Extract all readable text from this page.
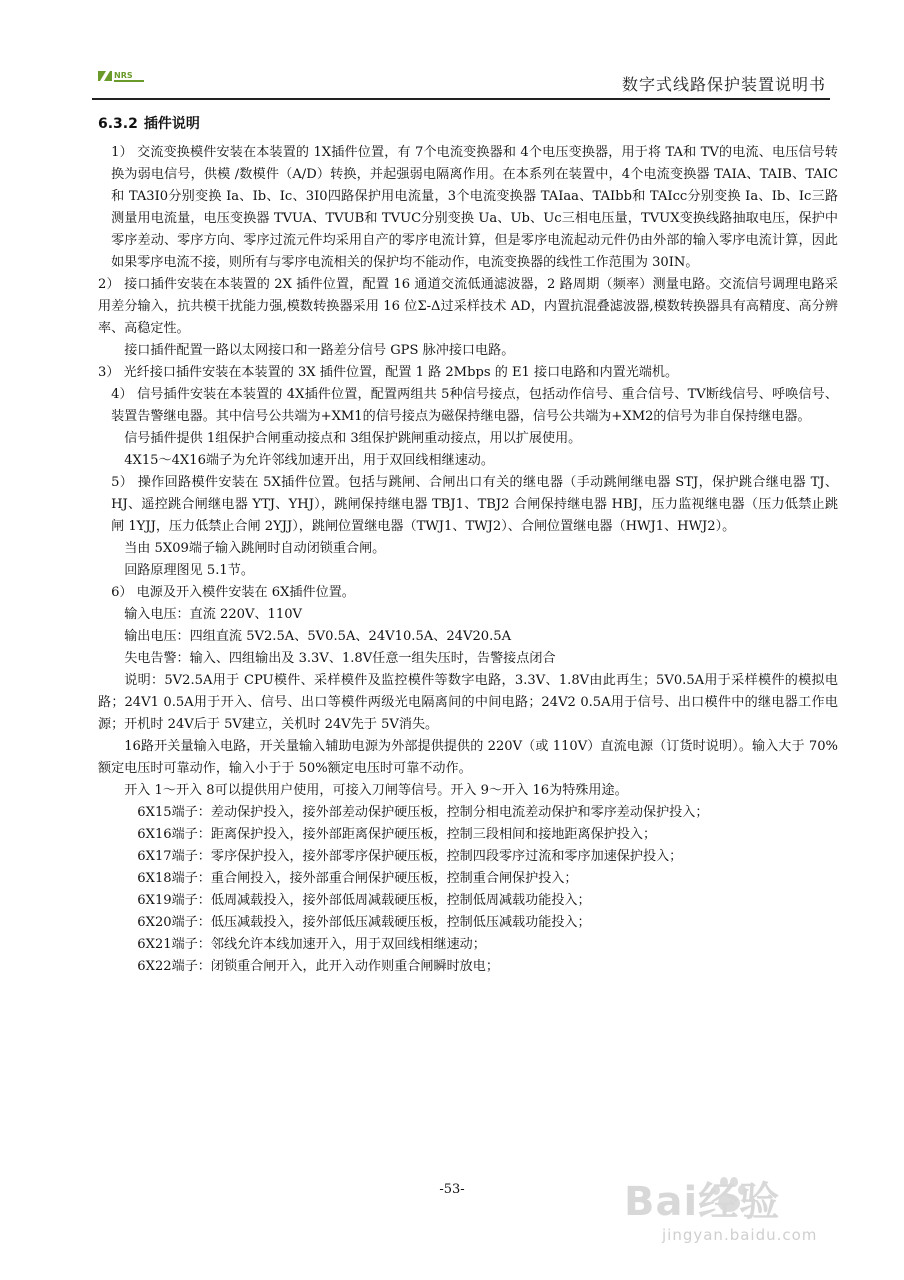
NRS	数字式线路保护装置说明书
6.3.2 插件说明

1） 交流变换模件安装在本装置的 1X插件位置，有 7个电流变换器和 4个电压变换器，用于将 TA和 TV的电流、电压信号转换为弱电信号，供模 /数模件（A/D）转换，并起强弱电隔离作用。在本系列在装置中，4个电流变换器 TAIA、TAIB、TAIC和 TA3I0分别变换 Ia、Ib、Ic、3I0四路保护用电流量，3个电流变换器 TAIaa、TAIbb和 TAIcc分别变换 Ia、Ib、Ic三路测量用电流量，电压变换器 TVUA、TVUB和 TVUC分别变换 Ua、Ub、Uc三相电压量，TVUX变换线路抽取电压，保护中零序差动、零序方向、零序过流元件均采用自产的零序电流计算，但是零序电流起动元件仍由外部的输入零序电流计算，因此如果零序电流不接，则所有与零序电流相关的保护均不能动作，电流变换器的线性工作范围为 30IN。

2） 接口插件安装在本装置的 2X 插件位置，配置 16 通道交流低通滤波器，2 路周期（频率）测量电路。交流信号调理电路采用差分输入，抗共模干扰能力强,模数转换器采用 16 位Σ-Δ过采样技术 AD，内置抗混叠滤波器,模数转换器具有高精度、高分辨率、高稳定性。

接口插件配置一路以太网接口和一路差分信号 GPS 脉冲接口电路。

3） 光纤接口插件安装在本装置的 3X 插件位置，配置 1 路 2Mbps 的 E1 接口电路和内置光端机。

4） 信号插件安装在本装置的 4X插件位置，配置两组共 5种信号接点，包括动作信号、重合信号、TV断线信号、呼唤信号、装置告警继电器。其中信号公共端为+XM1的信号接点为磁保持继电器，信号公共端为+XM2的信号为非自保持继电器。

信号插件提供 1组保护合闸重动接点和 3组保护跳闸重动接点，用以扩展使用。

4X15～4X16端子为允许邻线加速开出，用于双回线相继速动。

5） 操作回路模件安装在 5X插件位置。包括与跳闸、合闸出口有关的继电器（手动跳闸继电器 STJ，保护跳合继电器 TJ、HJ、遥控跳合闸继电器 YTJ、YHJ），跳闸保持继电器 TBJ1、TBJ2 合闸保持继电器 HBJ，压力监视继电器（压力低禁止跳闸 1YJJ，压力低禁止合闸 2YJJ），跳闸位置继电器（TWJ1、TWJ2）、合闸位置继电器（HWJ1、HWJ2）。

当由 5X09端子输入跳闸时自动闭锁重合闸。

回路原理图见 5.1节。

6） 电源及开入模件安装在 6X插件位置。

输入电压：直流 220V、110V

输出电压：四组直流 5V2.5A、5V0.5A、24V10.5A、24V20.5A

失电告警：输入、四组输出及 3.3V、1.8V任意一组失压时，告警接点闭合

说明：5V2.5A用于 CPU模件、采样模件及监控模件等数字电路，3.3V、1.8V由此再生；5V0.5A用于采样模件的模拟电路；24V1 0.5A用于开入、信号、出口等模件两级光电隔离间的中间电路；24V2 0.5A用于信号、出口模件中的继电器工作电源；开机时 24V后于 5V建立，关机时 24V先于 5V消失。

16路开关量输入电路，开关量输入辅助电源为外部提供提供的 220V（或 110V）直流电源（订货时说明）。输入大于 70%额定电压时可靠动作，输入小于于 50%额定电压时可靠不动作。

开入 1～开入 8可以提供用户使用，可接入刀闸等信号。开入 9～开入 16为特殊用途。

6X15端子：差动保护投入，接外部差动保护硬压板，控制分相电流差动保护和零序差动保护投入；

6X16端子：距离保护投入，接外部距离保护硬压板，控制三段相间和接地距离保护投入；

6X17端子：零序保护投入，接外部零序保护硬压板，控制四段零序过流和零序加速保护投入；

6X18端子：重合闸投入，接外部重合闸保护硬压板，控制重合闸保护投入；

6X19端子：低周减载投入，接外部低周减载硬压板，控制低周减载功能投入；

6X20端子：低压减载投入，接外部低压减载硬压板，控制低压减载功能投入；

6X21端子：邻线允许本线加速开入，用于双回线相继速动；

6X22端子：闭锁重合闸开入，此开入动作则重合闸瞬时放电；

-53-	Bai经验
jingyan.baidu.com
